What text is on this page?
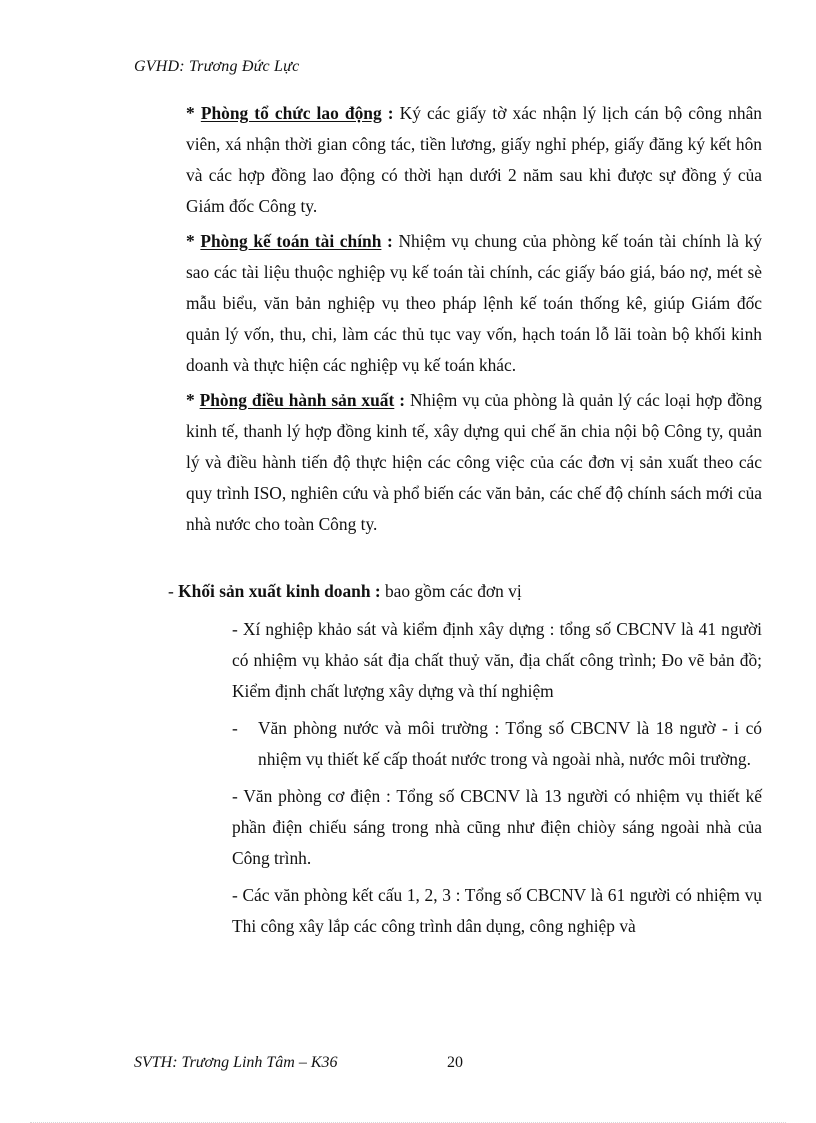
GVHD: Trương Đức Lực

* Phòng tổ chức lao động : Ký các giấy tờ xác nhận lý lịch cán bộ công nhân viên, xá nhận thời gian công tác, tiền lương, giấy nghỉ phép, giấy đăng ký kết hôn và các hợp đồng lao động có thời hạn dưới 2 năm sau khi được sự đồng ý của Giám đốc Công ty.

* Phòng kế toán tài chính : Nhiệm vụ chung của phòng kế toán tài chính là ký sao các tài liệu thuộc nghiệp vụ kế toán tài chính, các giấy báo giá, báo nợ, mét sè mẫu biểu, văn bản nghiệp vụ theo pháp lệnh kế toán thống kê, giúp Giám đốc quản lý vốn, thu, chi, làm các thủ tục vay vốn, hạch toán lỗ lãi toàn bộ khối kinh doanh và thực hiện các nghiệp vụ kế toán khác.

* Phòng điều hành sản xuất : Nhiệm vụ của phòng là quản lý các loại hợp đồng kinh tế, thanh lý hợp đồng kinh tế, xây dựng qui chế ăn chia nội bộ Công ty, quản lý và điều hành tiến độ thực hiện các công việc của các đơn vị sản xuất theo các quy trình ISO, nghiên cứu và phổ biến các văn bản, các chế độ chính sách mới của nhà nước cho toàn Công ty.

- Khối sản xuất kinh doanh : bao gồm các đơn vị

- Xí nghiệp khảo sát và kiểm định xây dựng : tổng số CBCNV là 41 người có nhiệm vụ khảo sát địa chất thuỷ văn, địa chất công trình; Đo vẽ bản đồ; Kiểm định chất lượng xây dựng và thí nghiệm

-	Văn phòng nước và môi trường : Tổng số CBCNV là 18 ngườ - i có nhiệm vụ thiết kế cấp thoát nước trong và ngoài nhà, nước môi trường.

- Văn phòng cơ điện : Tổng số CBCNV là 13 người có nhiệm vụ thiết kế phần điện chiếu sáng trong nhà cũng như điện chiòy sáng ngoài nhà của Công trình.

- Các văn phòng kết cấu 1, 2, 3 : Tổng số CBCNV là 61 người có nhiệm vụ Thi công xây lắp các công trình dân dụng, công nghiệp và

SVTH: Trương Linh Tâm – K36	20
